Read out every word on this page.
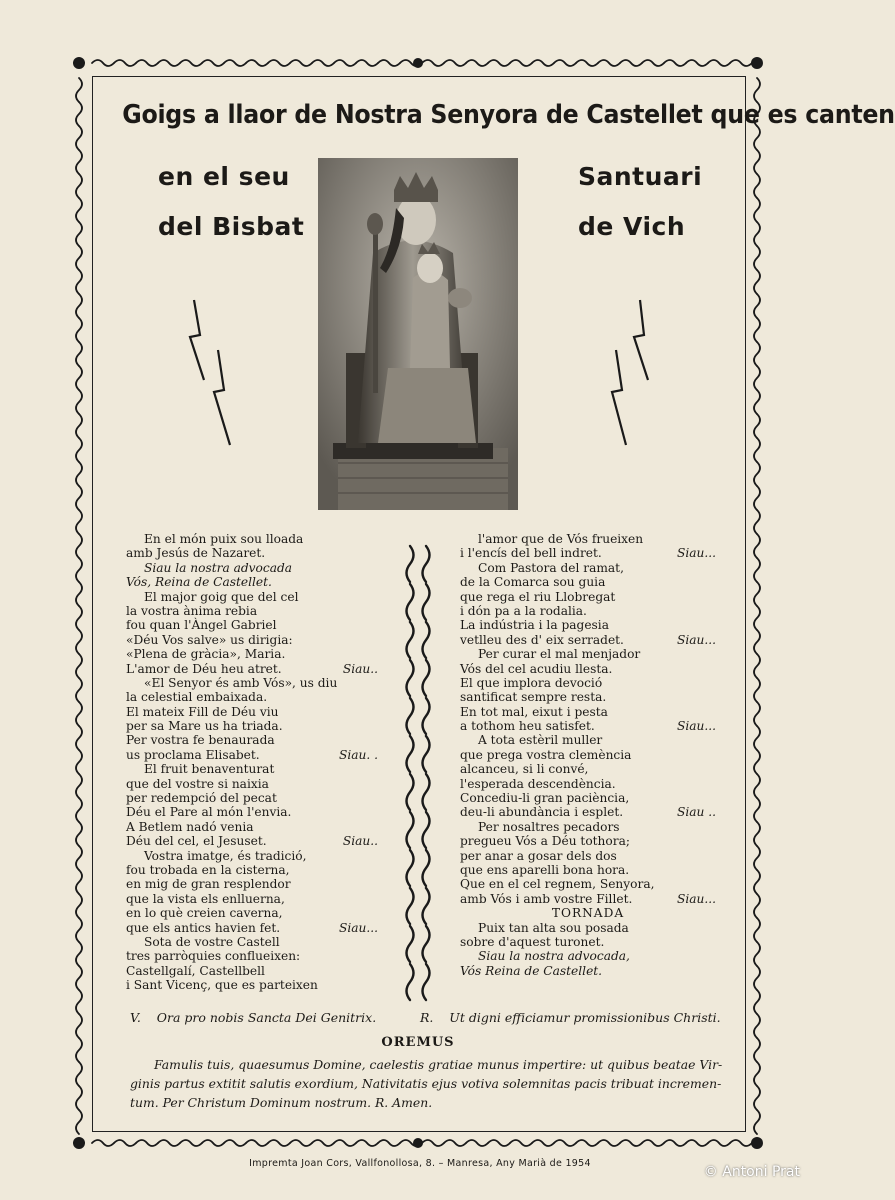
Goigs a llaor de Nostra Senyora de Castellet que es canten
en el seu
del Bisbat
Santuari
de Vich
En el món puix sou lloada
amb Jesús de Nazaret.
Siau la nostra advocada
Vós, Reina de Castellet.
El major goig que del cel
la vostra ànima rebia
fou quan l'Àngel Gabriel
«Déu Vos salve» us dirigia:
«Plena de gràcia», Maria.
L'amor de Déu heu atret.	Siau..
«El Senyor és amb Vós», us diu
la celestial embaixada.
El mateix Fill de Déu viu
per sa Mare us ha triada.
Per vostra fe benaurada
us proclama Elisabet.	Siau. .
El fruit benaventurat
que del vostre si naixia
per redempció del pecat
Déu el Pare al món l'envia.
A Betlem nadó venia
Déu del cel, el Jesuset.	Siau..
Vostra imatge, és tradició,
fou trobada en la cisterna,
en mig de gran resplendor
que la vista els enlluerna,
en lo què creien caverna,
que els antics havien fet.	Siau...
Sota de vostre Castell
tres parròquies conflueixen:
Castellgalí, Castellbell
i Sant Vicenç, que es parteixen
l'amor que de Vós frueixen
i l'encís del bell indret.	Siau...
Com Pastora del ramat,
de la Comarca sou guia
que rega el riu Llobregat
i dón pa a la rodalia.
La indústria i la pagesia
vetlleu des d' eix serradet.	Siau...
Per curar el mal menjador
Vós del cel acudiu llesta.
El que implora devoció
santificat sempre resta.
En tot mal, eixut i pesta
a tothom heu satisfet.	Siau...
A tota estèril muller
que prega vostra clemència
alcanceu, si li convé,
l'esperada descendència.
Concediu-li gran paciència,
deu-li abundància i esplet.	Siau ..
Per nosaltres pecadors
pregueu Vós a Déu tothora;
per anar a gosar dels dos
que ens aparelli bona hora.
Que en el cel regnem, Senyora,
amb Vós i amb vostre Fillet.	Siau...
TORNADA
Puix tan alta sou posada
sobre d'aquest turonet.
Siau la nostra advocada,
Vós Reina de Castellet.
V. Ora pro nobis Sancta Dei Genitrix.	R. Ut digni efficiamur promissionibus Christi.
OREMUS
Famulis tuis, quaesumus Domine, caelestis gratiae munus impertire: ut quibus beatae Vir-
ginis partus extitit salutis exordium, Nativitatis ejus votiva solemnitas pacis tribuat incremen-
tum. Per Christum Dominum nostrum. R. Amen.
Impremta Joan Cors, Vallfonollosa, 8. – Manresa, Any Marià de 1954
© Antoni Prat
